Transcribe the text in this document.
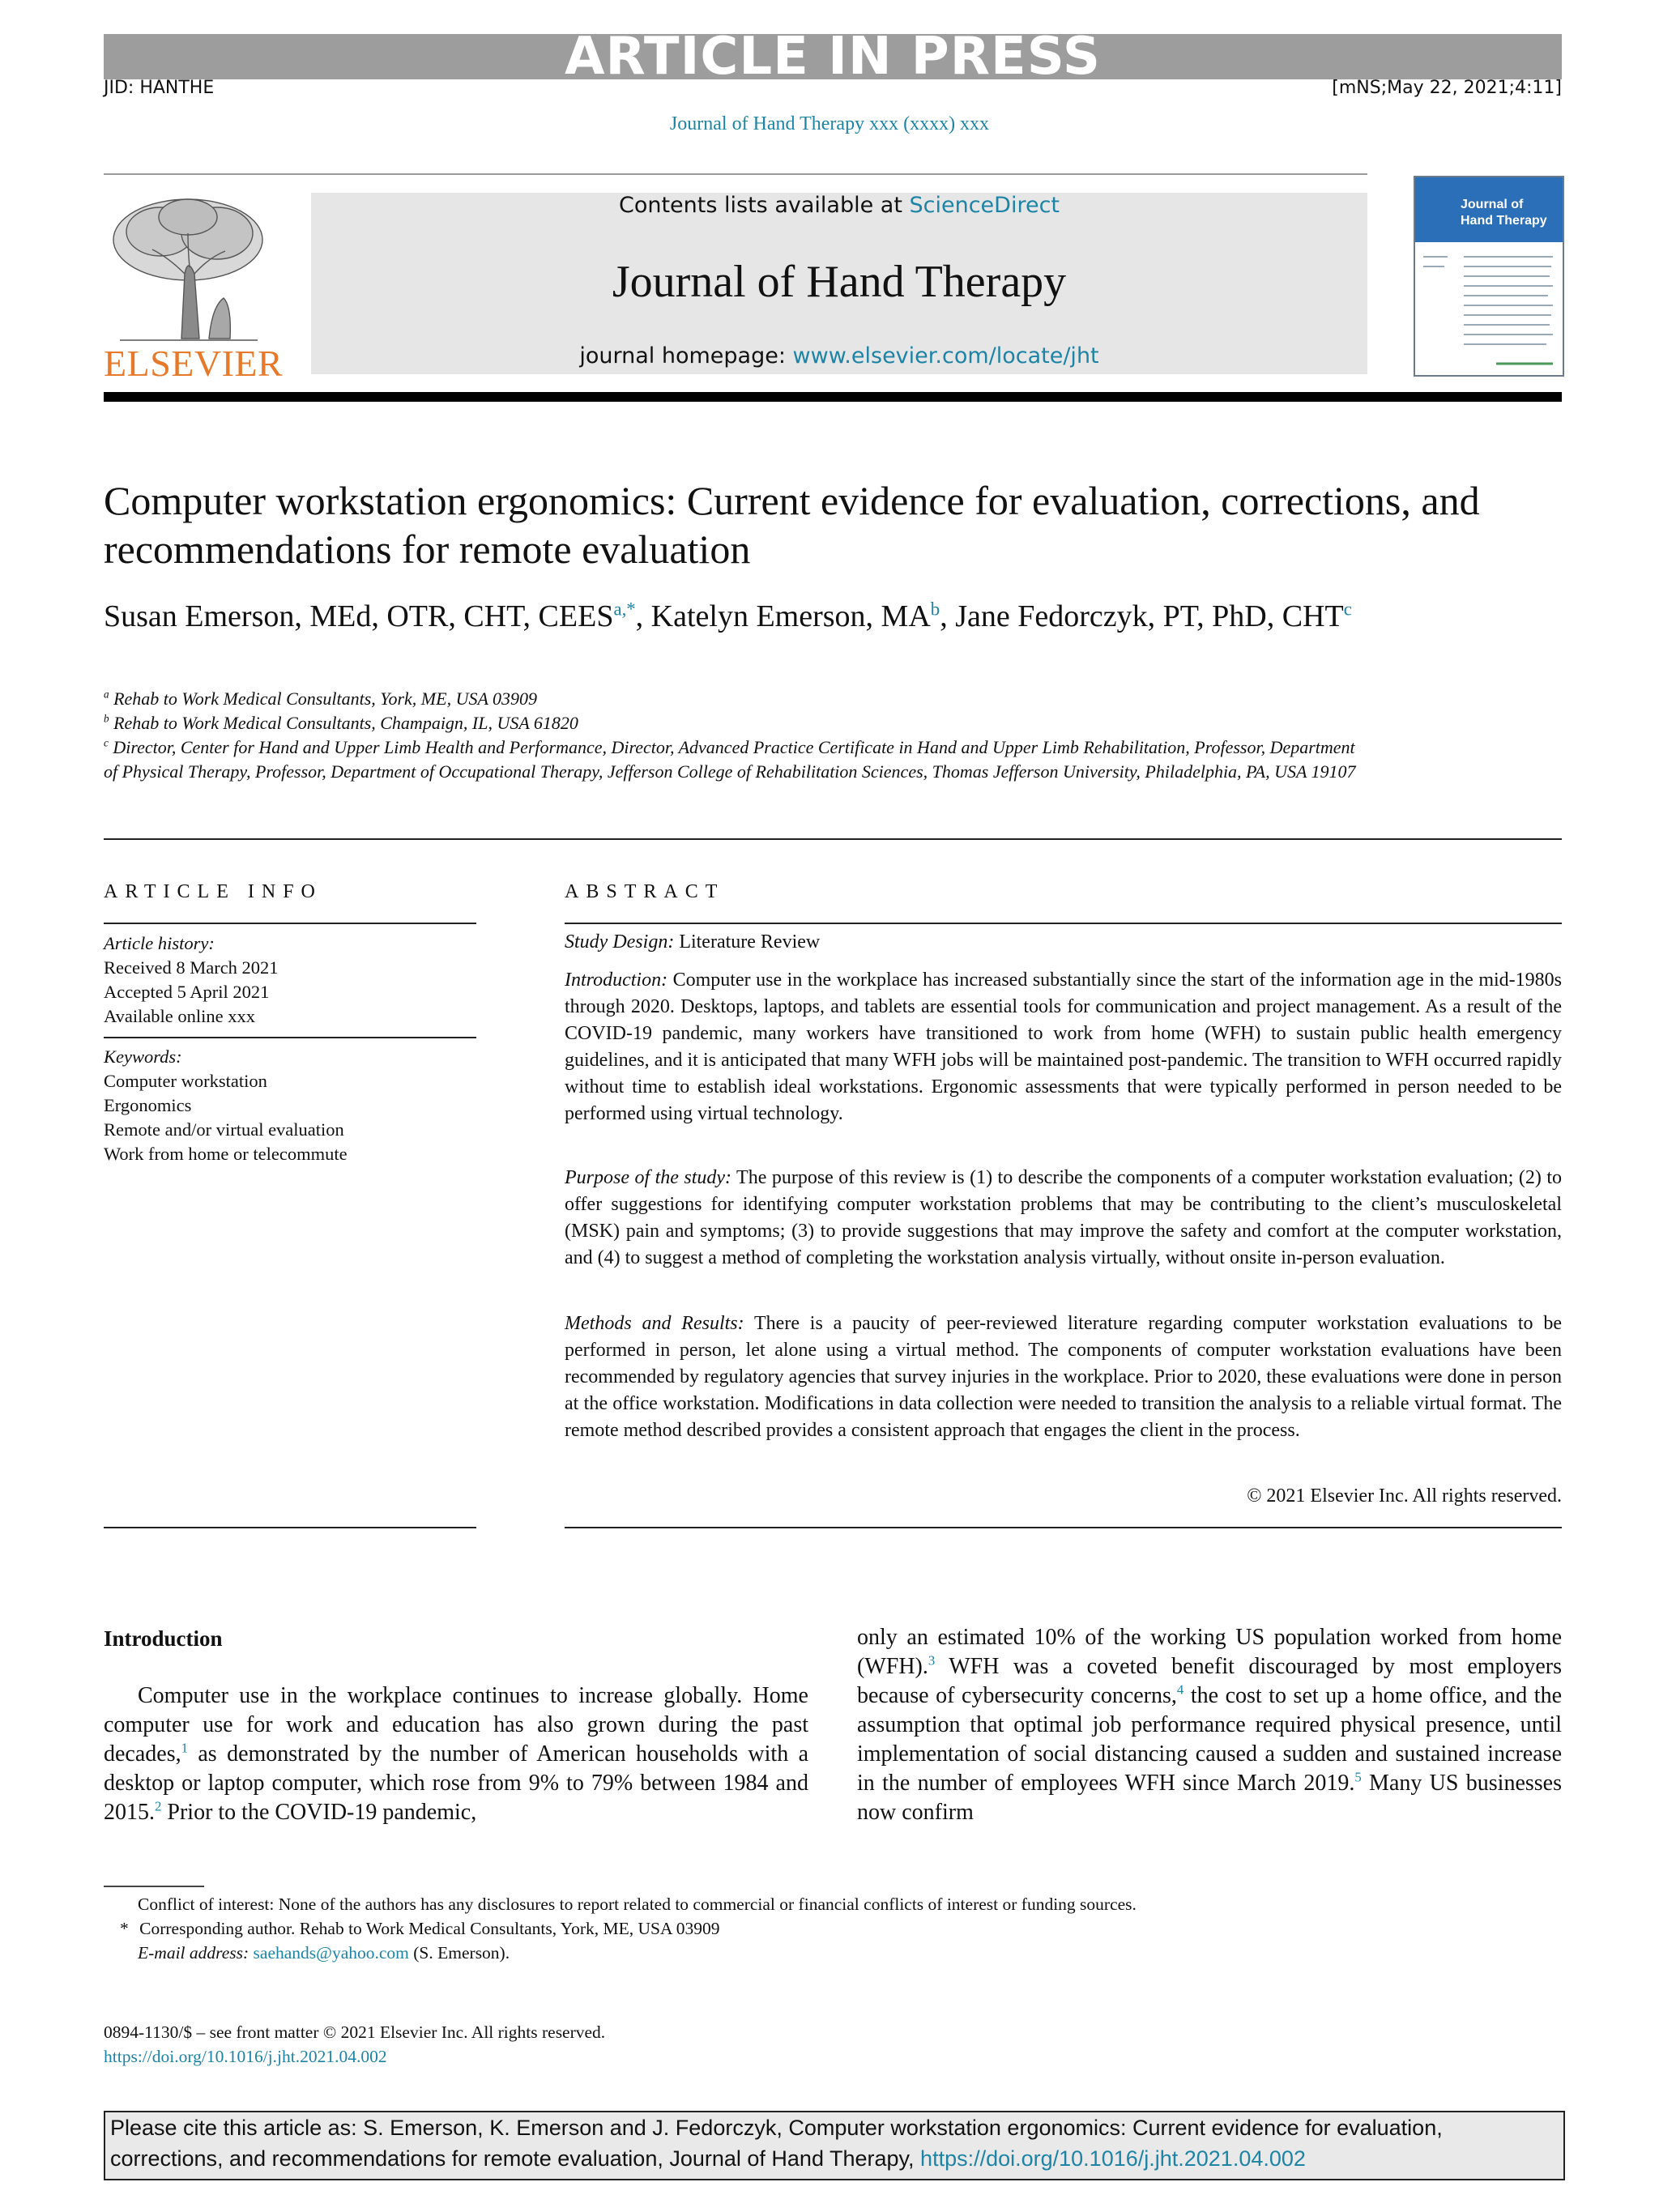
ARTICLE IN PRESS
JID: HANTHE	[mNS;May 22, 2021;4:11]
Journal of Hand Therapy xxx (xxxx) xxx
ELSEVIER
Contents lists available at ScienceDirect
Journal of Hand Therapy
journal homepage: www.elsevier.com/locate/jht
Journal of Hand Therapy
Computer workstation ergonomics: Current evidence for evaluation, corrections, and recommendations for remote evaluation
Susan Emerson, MEd, OTR, CHT, $CEES^{a,*}$, Katelyn Emerson, $MA^b$, Jane Fedorczyk, PT, PhD, CHT$^c$
$^a$ Rehab to Work Medical Consultants, York, ME, USA 03909
$^b$ Rehab to Work Medical Consultants, Champaign, IL, USA 61820
$^c$ Director, Center for Hand and Upper Limb Health and Performance, Director, Advanced Practice Certificate in Hand and Upper Limb Rehabilitation, Professor, Department of Physical Therapy, Professor, Department of Occupational Therapy, Jefferson College of Rehabilitation Sciences, Thomas Jefferson University, Philadelphia, PA, USA 19107
ARTICLE INFO
Article history:
Received 8 March 2021
Accepted 5 April 2021
Available online xxx
Keywords:
Computer workstation
Ergonomics
Remote and/or virtual evaluation
Work from home or telecommute
ABSTRACT
Study Design: Literature Review
Introduction: Computer use in the workplace has increased substantially since the start of the information age in the mid-1980s through 2020. Desktops, laptops, and tablets are essential tools for communication and project management. As a result of the COVID-19 pandemic, many workers have transitioned to work from home (WFH) to sustain public health emergency guidelines, and it is anticipated that many WFH jobs will be maintained post-pandemic. The transition to WFH occurred rapidly without time to establish ideal workstations. Ergonomic assessments that were typically performed in person needed to be performed using virtual technology.
Purpose of the study: The purpose of this review is (1) to describe the components of a computer workstation evaluation; (2) to offer suggestions for identifying computer workstation problems that may be contributing to the client’s musculoskeletal (MSK) pain and symptoms; (3) to provide suggestions that may improve the safety and comfort at the computer workstation, and (4) to suggest a method of completing the workstation analysis virtually, without onsite in-person evaluation.
Methods and Results: There is a paucity of peer-reviewed literature regarding computer workstation evaluations to be performed in person, let alone using a virtual method. The components of computer workstation evaluations have been recommended by regulatory agencies that survey injuries in the workplace. Prior to 2020, these evaluations were done in person at the office workstation. Modifications in data collection were needed to transition the analysis to a reliable virtual format. The remote method described provides a consistent approach that engages the client in the process.
© 2021 Elsevier Inc. All rights reserved.
Introduction
Computer use in the workplace continues to increase globally. Home computer use for work and education has also grown during the past decades,$^1$ as demonstrated by the number of American households with a desktop or laptop computer, which rose from 9% to 79% between 1984 and 2015.$^2$ Prior to the COVID-19 pandemic,
only an estimated 10% of the working US population worked from home (WFH).$^3$ WFH was a coveted benefit discouraged by most employers because of cybersecurity concerns,$^4$ the cost to set up a home office, and the assumption that optimal job performance required physical presence, until implementation of social distancing caused a sudden and sustained increase in the number of employees WFH since March 2019.$^5$ Many US businesses now confirm
Conflict of interest: None of the authors has any disclosures to report related to commercial or financial conflicts of interest or funding sources.
* Corresponding author. Rehab to Work Medical Consultants, York, ME, USA 03909
E-mail address: saehands@yahoo.com (S. Emerson).
0894-1130/$ – see front matter © 2021 Elsevier Inc. All rights reserved.
https://doi.org/10.1016/j.jht.2021.04.002
Please cite this article as: S. Emerson, K. Emerson and J. Fedorczyk, Computer workstation ergonomics: Current evidence for evaluation, corrections, and recommendations for remote evaluation, Journal of Hand Therapy, https://doi.org/10.1016/j.jht.2021.04.002
